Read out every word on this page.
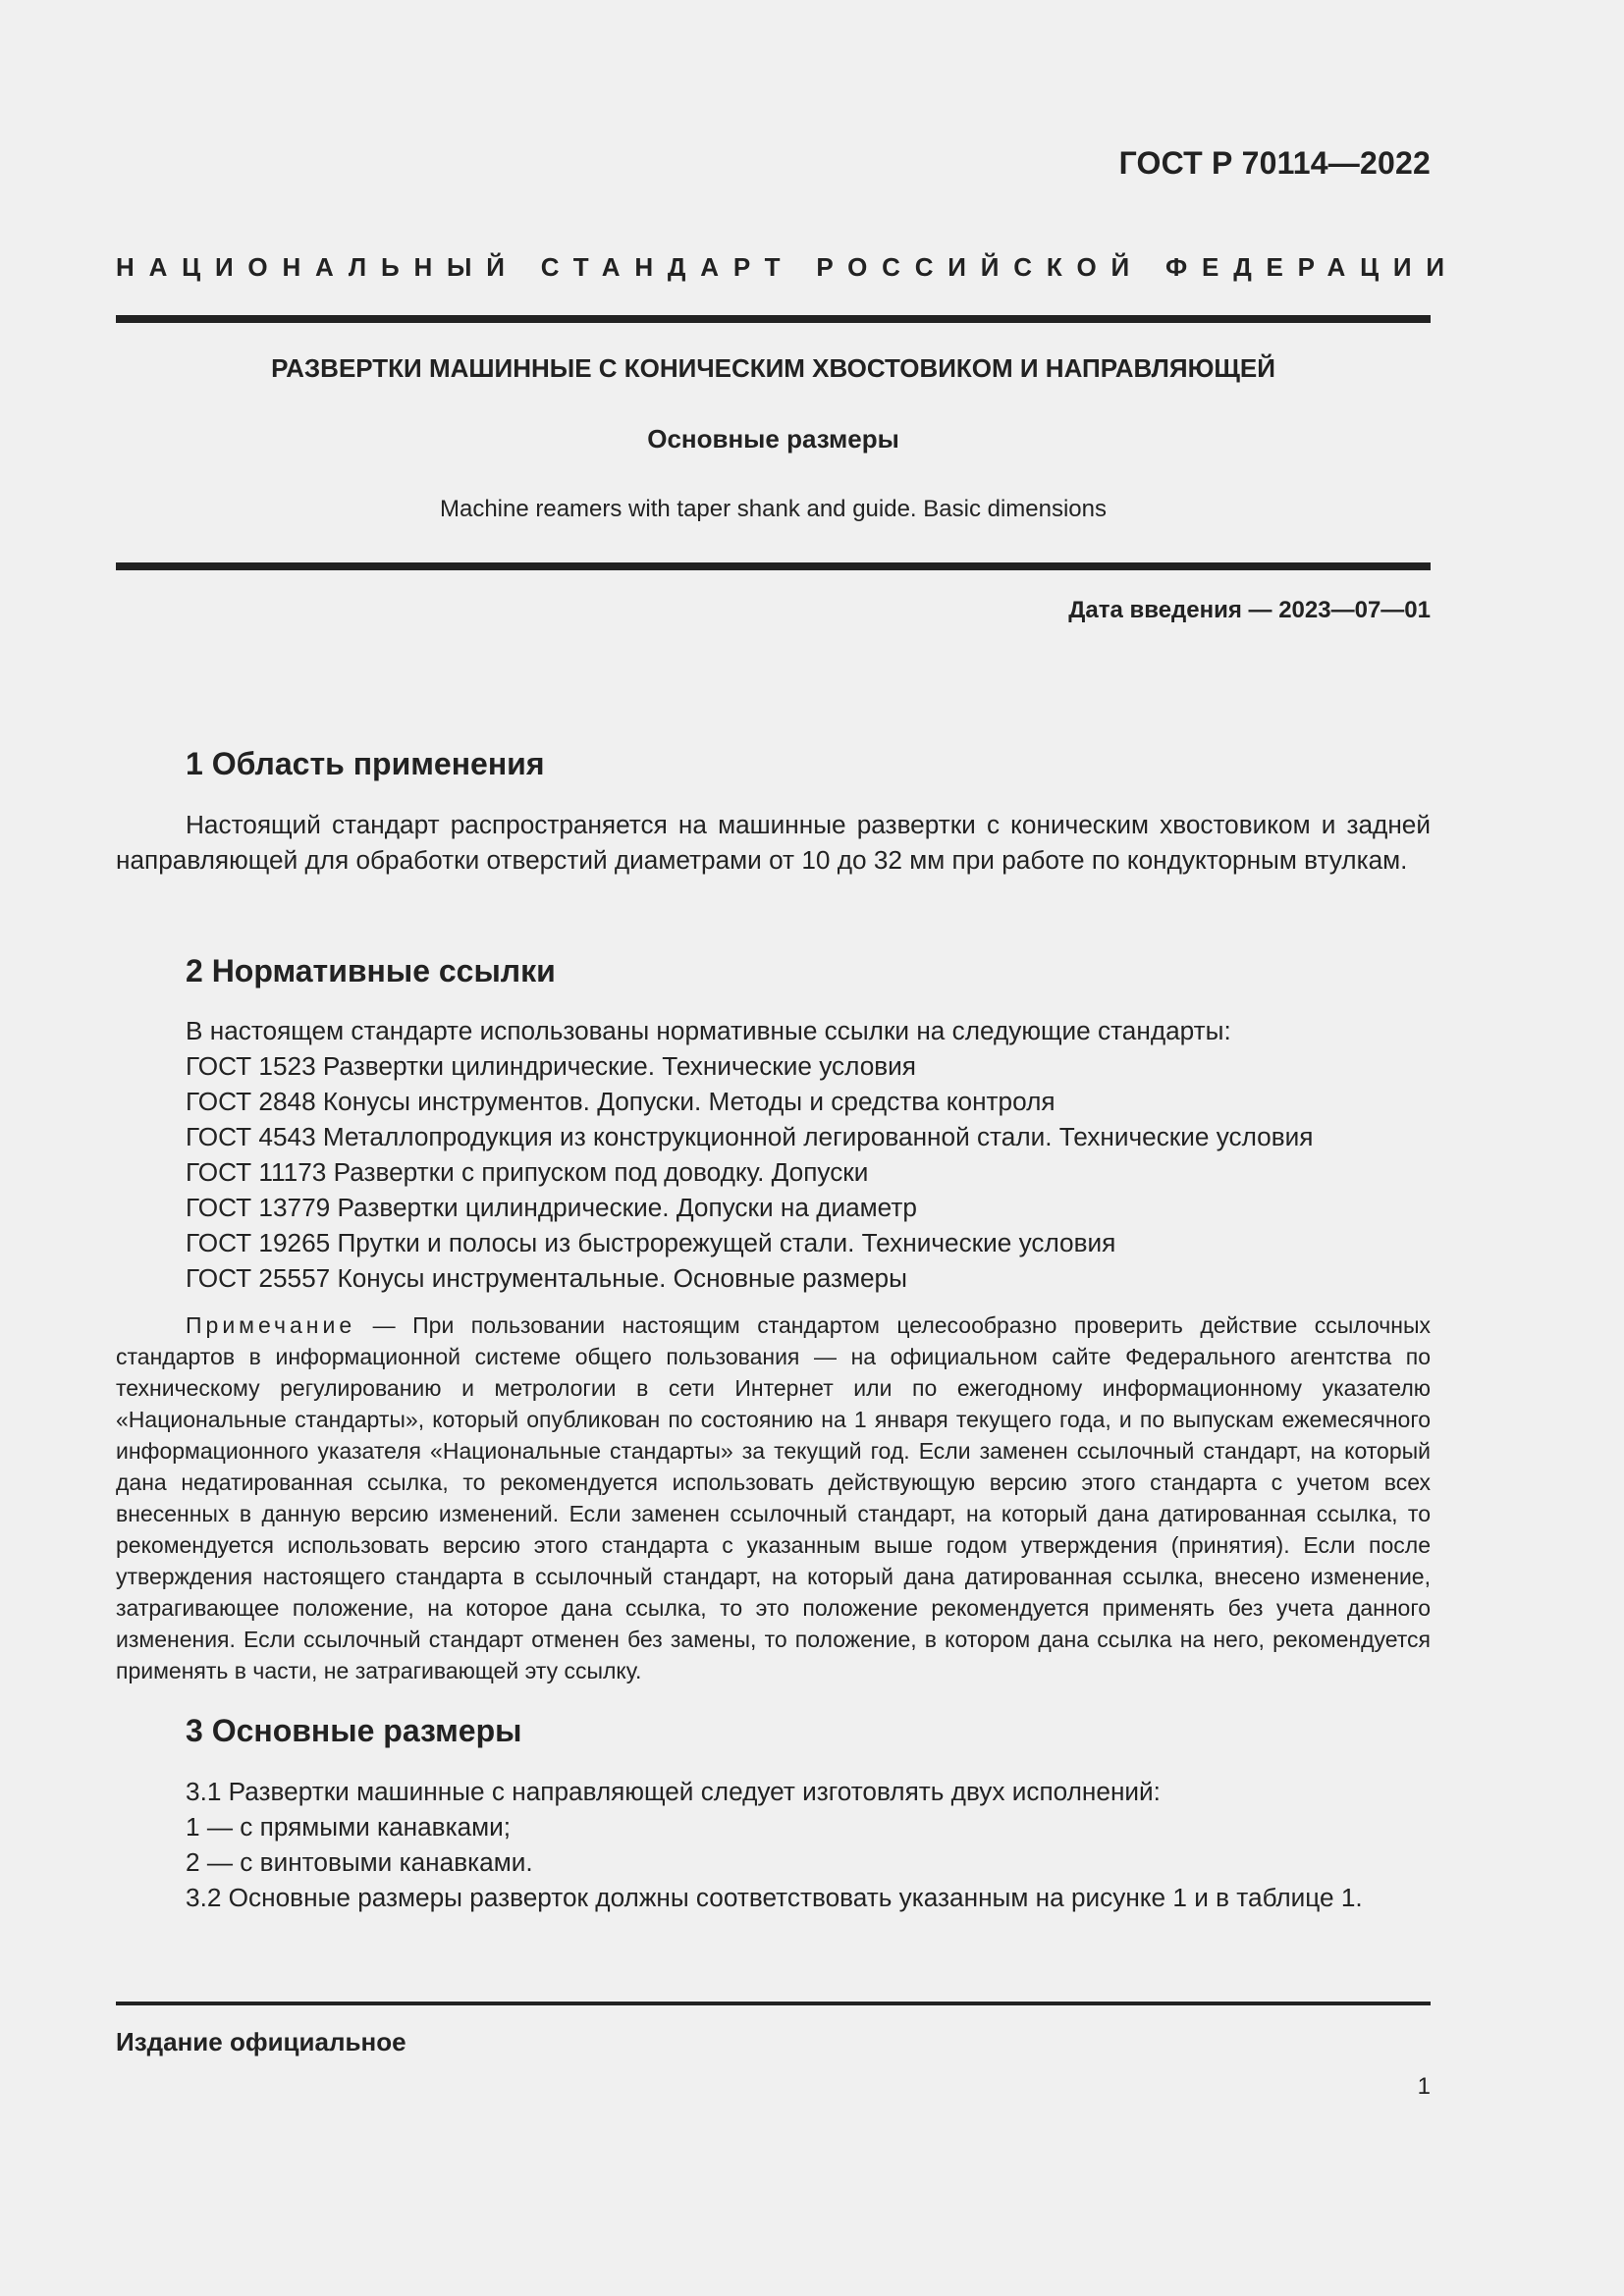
ГОСТ Р 70114—2022
НАЦИОНАЛЬНЫЙ СТАНДАРТ РОССИЙСКОЙ ФЕДЕРАЦИИ
РАЗВЕРТКИ МАШИННЫЕ С КОНИЧЕСКИМ ХВОСТОВИКОМ И НАПРАВЛЯЮЩЕЙ
Основные размеры
Machine reamers with taper shank and guide. Basic dimensions
Дата введения — 2023—07—01
1 Область применения
Настоящий стандарт распространяется на машинные развертки с коническим хвостовиком и задней направляющей для обработки отверстий диаметрами от 10 до 32 мм при работе по кондукторным втулкам.
2 Нормативные ссылки
В настоящем стандарте использованы нормативные ссылки на следующие стандарты:
ГОСТ 1523 Развертки цилиндрические. Технические условия
ГОСТ 2848 Конусы инструментов. Допуски. Методы и средства контроля
ГОСТ 4543 Металлопродукция из конструкционной легированной стали. Технические условия
ГОСТ 11173 Развертки с припуском под доводку. Допуски
ГОСТ 13779 Развертки цилиндрические. Допуски на диаметр
ГОСТ 19265 Прутки и полосы из быстрорежущей стали. Технические условия
ГОСТ 25557 Конусы инструментальные. Основные размеры
Примечание — При пользовании настоящим стандартом целесообразно проверить действие ссылочных стандартов в информационной системе общего пользования — на официальном сайте Федерального агентства по техническому регулированию и метрологии в сети Интернет или по ежегодному информационному указателю «Национальные стандарты», который опубликован по состоянию на 1 января текущего года, и по выпускам ежемесячного информационного указателя «Национальные стандарты» за текущий год. Если заменен ссылочный стандарт, на который дана недатированная ссылка, то рекомендуется использовать действующую версию этого стандарта с учетом всех внесенных в данную версию изменений. Если заменен ссылочный стандарт, на который дана датированная ссылка, то рекомендуется использовать версию этого стандарта с указанным выше годом утверждения (принятия). Если после утверждения настоящего стандарта в ссылочный стандарт, на который дана датированная ссылка, внесено изменение, затрагивающее положение, на которое дана ссылка, то это положение рекомендуется применять без учета данного изменения. Если ссылочный стандарт отменен без замены, то положение, в котором дана ссылка на него, рекомендуется применять в части, не затрагивающей эту ссылку.
3 Основные размеры
3.1 Развертки машинные с направляющей следует изготовлять двух исполнений:
1 — с прямыми канавками;
2 — с винтовыми канавками.
3.2 Основные размеры разверток должны соответствовать указанным на рисунке 1 и в таблице 1.
Издание официальное
1
